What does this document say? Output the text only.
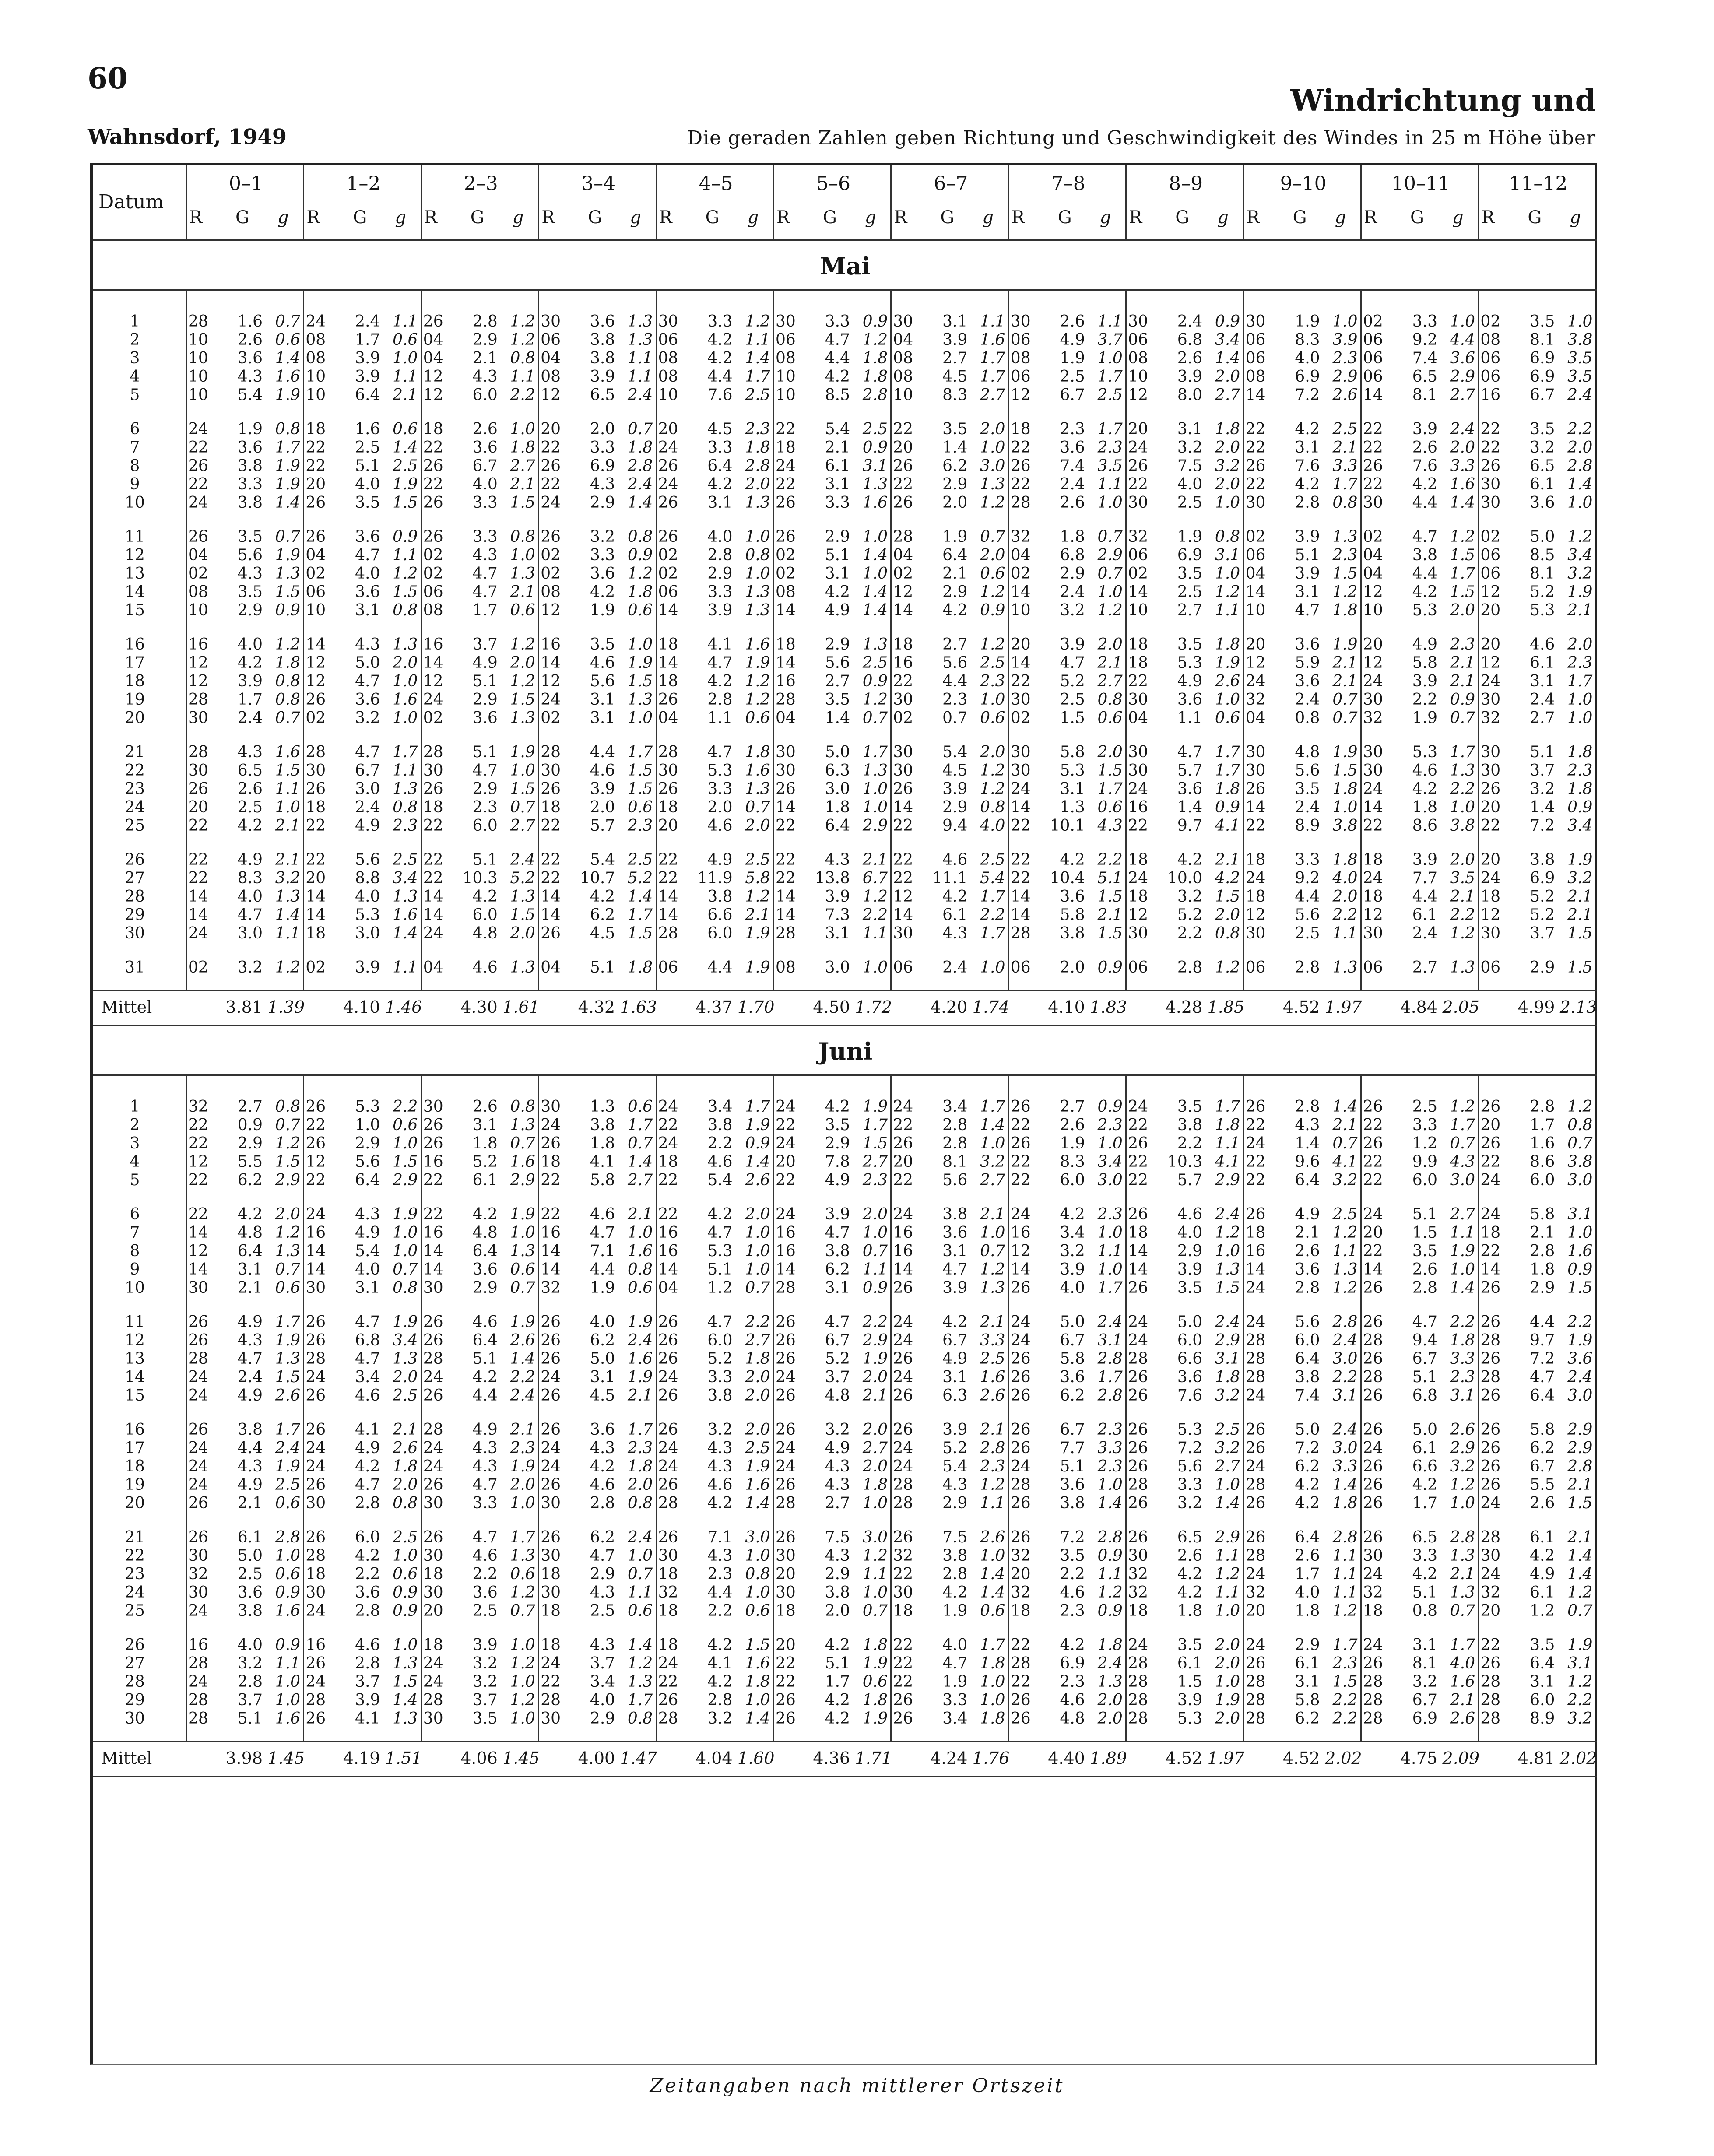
60
Windrichtung und
Wahnsdorf, 1949	Die geraden Zahlen geben Richtung und Geschwindigkeit des Windes in 25 m Höhe über
Datum
0–1
R G g
1–2
R G g
2–3
R G g
3–4
R G g
4–5
R G g
5–6
R G g
6–7
R G g
7–8
R G g
8–9
R G g
9–10
R G g
10–11
R G g
11–12
R G g
Mai
1	28	1.6 0.7 24	2.4 1.1 26	2.8 1.2 30	3.6 1.3 30	3.3 1.2 30	3.3 0.9 30	3.1 1.1 30	2.6 1.1 30	2.4 0.9 30	1.9 1.0 02	3.3 1.0 02	3.5 1.0
2	10	2.6 0.6 08	1.7 0.6 04	2.9 1.2 06	3.8 1.3 06	4.2 1.1 06	4.7 1.2 04	3.9 1.6 06	4.9 3.7 06	6.8 3.4 06	8.3 3.9 06	9.2 4.4 08	8.1 3.8
3	10	3.6 1.4 08	3.9 1.0 04	2.1 0.8 04	3.8 1.1 08	4.2 1.4 08	4.4 1.8 08	2.7 1.7 08	1.9 1.0 08	2.6 1.4 06	4.0 2.3 06	7.4 3.6 06	6.9 3.5
4	10	4.3 1.6 10	3.9 1.1 12	4.3 1.1 08	3.9 1.1 08	4.4 1.7 10	4.2 1.8 08	4.5 1.7 06	2.5 1.7 10	3.9 2.0 08	6.9 2.9 06	6.5 2.9 06	6.9 3.5
5	10	5.4 1.9 10	6.4 2.1 12	6.0 2.2 12	6.5 2.4 10	7.6 2.5 10	8.5 2.8 10	8.3 2.7 12	6.7 2.5 12	8.0 2.7 14	7.2 2.6 14	8.1 2.7 16	6.7 2.4
6	24	1.9 0.8 18	1.6 0.6 18	2.6 1.0 20	2.0 0.7 20	4.5 2.3 22	5.4 2.5 22	3.5 2.0 18	2.3 1.7 20	3.1 1.8 22	4.2 2.5 22	3.9 2.4 22	3.5 2.2
7	22	3.6 1.7 22	2.5 1.4 22	3.6 1.8 22	3.3 1.8 24	3.3 1.8 18	2.1 0.9 20	1.4 1.0 22	3.6 2.3 24	3.2 2.0 22	3.1 2.1 22	2.6 2.0 22	3.2 2.0
8	26	3.8 1.9 22	5.1 2.5 26	6.7 2.7 26	6.9 2.8 26	6.4 2.8 24	6.1 3.1 26	6.2 3.0 26	7.4 3.5 26	7.5 3.2 26	7.6 3.3 26	7.6 3.3 26	6.5 2.8
9	22	3.3 1.9 20	4.0 1.9 22	4.0 2.1 22	4.3 2.4 24	4.2 2.0 22	3.1 1.3 22	2.9 1.3 22	2.4 1.1 22	4.0 2.0 22	4.2 1.7 22	4.2 1.6 30	6.1 1.4
10	24	3.8 1.4 26	3.5 1.5 26	3.3 1.5 24	2.9 1.4 26	3.1 1.3 26	3.3 1.6 26	2.0 1.2 28	2.6 1.0 30	2.5 1.0 30	2.8 0.8 30	4.4 1.4 30	3.6 1.0
11	26	3.5 0.7 26	3.6 0.9 26	3.3 0.8 26	3.2 0.8 26	4.0 1.0 26	2.9 1.0 28	1.9 0.7 32	1.8 0.7 32	1.9 0.8 02	3.9 1.3 02	4.7 1.2 02	5.0 1.2
12	04	5.6 1.9 04	4.7 1.1 02	4.3 1.0 02	3.3 0.9 02	2.8 0.8 02	5.1 1.4 04	6.4 2.0 04	6.8 2.9 06	6.9 3.1 06	5.1 2.3 04	3.8 1.5 06	8.5 3.4
13	02	4.3 1.3 02	4.0 1.2 02	4.7 1.3 02	3.6 1.2 02	2.9 1.0 02	3.1 1.0 02	2.1 0.6 02	2.9 0.7 02	3.5 1.0 04	3.9 1.5 04	4.4 1.7 06	8.1 3.2
14	08	3.5 1.5 06	3.6 1.5 06	4.7 2.1 08	4.2 1.8 06	3.3 1.3 08	4.2 1.4 12	2.9 1.2 14	2.4 1.0 14	2.5 1.2 14	3.1 1.2 12	4.2 1.5 12	5.2 1.9
15	10	2.9 0.9 10	3.1 0.8 08	1.7 0.6 12	1.9 0.6 14	3.9 1.3 14	4.9 1.4 14	4.2 0.9 10	3.2 1.2 10	2.7 1.1 10	4.7 1.8 10	5.3 2.0 20	5.3 2.1
16	16	4.0 1.2 14	4.3 1.3 16	3.7 1.2 16	3.5 1.0 18	4.1 1.6 18	2.9 1.3 18	2.7 1.2 20	3.9 2.0 18	3.5 1.8 20	3.6 1.9 20	4.9 2.3 20	4.6 2.0
17	12	4.2 1.8 12	5.0 2.0 14	4.9 2.0 14	4.6 1.9 14	4.7 1.9 14	5.6 2.5 16	5.6 2.5 14	4.7 2.1 18	5.3 1.9 12	5.9 2.1 12	5.8 2.1 12	6.1 2.3
18	12	3.9 0.8 12	4.7 1.0 12	5.1 1.2 12	5.6 1.5 18	4.2 1.2 16	2.7 0.9 22	4.4 2.3 22	5.2 2.7 22	4.9 2.6 24	3.6 2.1 24	3.9 2.1 24	3.1 1.7
19	28	1.7 0.8 26	3.6 1.6 24	2.9 1.5 24	3.1 1.3 26	2.8 1.2 28	3.5 1.2 30	2.3 1.0 30	2.5 0.8 30	3.6 1.0 32	2.4 0.7 30	2.2 0.9 30	2.4 1.0
20	30	2.4 0.7 02	3.2 1.0 02	3.6 1.3 02	3.1 1.0 04	1.1 0.6 04	1.4 0.7 02	0.7 0.6 02	1.5 0.6 04	1.1 0.6 04	0.8 0.7 32	1.9 0.7 32	2.7 1.0
21	28	4.3 1.6 28	4.7 1.7 28	5.1 1.9 28	4.4 1.7 28	4.7 1.8 30	5.0 1.7 30	5.4 2.0 30	5.8 2.0 30	4.7 1.7 30	4.8 1.9 30	5.3 1.7 30	5.1 1.8
22	30	6.5 1.5 30	6.7 1.1 30	4.7 1.0 30	4.6 1.5 30	5.3 1.6 30	6.3 1.3 30	4.5 1.2 30	5.3 1.5 30	5.7 1.7 30	5.6 1.5 30	4.6 1.3 30	3.7 2.3
23	26	2.6 1.1 26	3.0 1.3 26	2.9 1.5 26	3.9 1.5 26	3.3 1.3 26	3.0 1.0 26	3.9 1.2 24	3.1 1.7 24	3.6 1.8 26	3.5 1.8 24	4.2 2.2 26	3.2 1.8
24	20	2.5 1.0 18	2.4 0.8 18	2.3 0.7 18	2.0 0.6 18	2.0 0.7 14	1.8 1.0 14	2.9 0.8 14	1.3 0.6 16	1.4 0.9 14	2.4 1.0 14	1.8 1.0 20	1.4 0.9
25	22	4.2 2.1 22	4.9 2.3 22	6.0 2.7 22	5.7 2.3 20	4.6 2.0 22	6.4 2.9 22	9.4 4.0 22	10.1 4.3 22	9.7 4.1 22	8.9 3.8 22	8.6 3.8 22	7.2 3.4
26	22	4.9 2.1 22	5.6 2.5 22	5.1 2.4 22	5.4 2.5 22	4.9 2.5 22	4.3 2.1 22	4.6 2.5 22	4.2 2.2 18	4.2 2.1 18	3.3 1.8 18	3.9 2.0 20	3.8 1.9
27	22	8.3 3.2 20	8.8 3.4 22	10.3 5.2 22	10.7 5.2 22	11.9 5.8 22	13.8 6.7 22	11.1 5.4 22	10.4 5.1 24	10.0 4.2 24	9.2 4.0 24	7.7 3.5 24	6.9 3.2
28	14	4.0 1.3 14	4.0 1.3 14	4.2 1.3 14	4.2 1.4 14	3.8 1.2 14	3.9 1.2 12	4.2 1.7 14	3.6 1.5 18	3.2 1.5 18	4.4 2.0 18	4.4 2.1 18	5.2 2.1
29	14	4.7 1.4 14	5.3 1.6 14	6.0 1.5 14	6.2 1.7 14	6.6 2.1 14	7.3 2.2 14	6.1 2.2 14	5.8 2.1 12	5.2 2.0 12	5.6 2.2 12	6.1 2.2 12	5.2 2.1
30	24	3.0 1.1 18	3.0 1.4 24	4.8 2.0 26	4.5 1.5 28	6.0 1.9 28	3.1 1.1 30	4.3 1.7 28	3.8 1.5 30	2.2 0.8 30	2.5 1.1 30	2.4 1.2 30	3.7 1.5
31	02	3.2 1.2 02	3.9 1.1 04	4.6 1.3 04	5.1 1.8 06	4.4 1.9 08	3.0 1.0 06	2.4 1.0 06	2.0 0.9 06	2.8 1.2 06	2.8 1.3 06	2.7 1.3 06	2.9 1.5
Mittel	3.81 1.39	4.10 1.46	4.30 1.61	4.32 1.63	4.37 1.70	4.50 1.72	4.20 1.74	4.10 1.83	4.28 1.85	4.52 1.97	4.84 2.05	4.99 2.13
Juni
1	32	2.7 0.8 26	5.3 2.2 30	2.6 0.8 30	1.3 0.6 24	3.4 1.7 24	4.2 1.9 24	3.4 1.7 26	2.7 0.9 24	3.5 1.7 26	2.8 1.4 26	2.5 1.2 26	2.8 1.2
2	22	0.9 0.7 22	1.0 0.6 26	3.1 1.3 24	3.8 1.7 22	3.8 1.9 22	3.5 1.7 22	2.8 1.4 22	2.6 2.3 22	3.8 1.8 22	4.3 2.1 22	3.3 1.7 20	1.7 0.8
3	22	2.9 1.2 26	2.9 1.0 26	1.8 0.7 26	1.8 0.7 24	2.2 0.9 24	2.9 1.5 26	2.8 1.0 26	1.9 1.0 26	2.2 1.1 24	1.4 0.7 26	1.2 0.7 26	1.6 0.7
4	12	5.5 1.5 12	5.6 1.5 16	5.2 1.6 18	4.1 1.4 18	4.6 1.4 20	7.8 2.7 20	8.1 3.2 22	8.3 3.4 22	10.3 4.1 22	9.6 4.1 22	9.9 4.3 22	8.6 3.8
5	22	6.2 2.9 22	6.4 2.9 22	6.1 2.9 22	5.8 2.7 22	5.4 2.6 22	4.9 2.3 22	5.6 2.7 22	6.0 3.0 22	5.7 2.9 22	6.4 3.2 22	6.0 3.0 24	6.0 3.0
6	22	4.2 2.0 24	4.3 1.9 22	4.2 1.9 22	4.6 2.1 22	4.2 2.0 24	3.9 2.0 24	3.8 2.1 24	4.2 2.3 26	4.6 2.4 26	4.9 2.5 24	5.1 2.7 24	5.8 3.1
7	14	4.8 1.2 16	4.9 1.0 16	4.8 1.0 16	4.7 1.0 16	4.7 1.0 16	4.7 1.0 16	3.6 1.0 16	3.4 1.0 18	4.0 1.2 18	2.1 1.2 20	1.5 1.1 18	2.1 1.0
8	12	6.4 1.3 14	5.4 1.0 14	6.4 1.3 14	7.1 1.6 16	5.3 1.0 16	3.8 0.7 16	3.1 0.7 12	3.2 1.1 14	2.9 1.0 16	2.6 1.1 22	3.5 1.9 22	2.8 1.6
9	14	3.1 0.7 14	4.0 0.7 14	3.6 0.6 14	4.4 0.8 14	5.1 1.0 14	6.2 1.1 14	4.7 1.2 14	3.9 1.0 14	3.9 1.3 14	3.6 1.3 14	2.6 1.0 14	1.8 0.9
10	30	2.1 0.6 30	3.1 0.8 30	2.9 0.7 32	1.9 0.6 04	1.2 0.7 28	3.1 0.9 26	3.9 1.3 26	4.0 1.7 26	3.5 1.5 24	2.8 1.2 26	2.8 1.4 26	2.9 1.5
11	26	4.9 1.7 26	4.7 1.9 26	4.6 1.9 26	4.0 1.9 26	4.7 2.2 26	4.7 2.2 24	4.2 2.1 24	5.0 2.4 24	5.0 2.4 24	5.6 2.8 26	4.7 2.2 26	4.4 2.2
12	26	4.3 1.9 26	6.8 3.4 26	6.4 2.6 26	6.2 2.4 26	6.0 2.7 26	6.7 2.9 24	6.7 3.3 24	6.7 3.1 24	6.0 2.9 28	6.0 2.4 28	9.4 1.8 28	9.7 1.9
13	28	4.7 1.3 28	4.7 1.3 28	5.1 1.4 26	5.0 1.6 26	5.2 1.8 26	5.2 1.9 26	4.9 2.5 26	5.8 2.8 28	6.6 3.1 28	6.4 3.0 26	6.7 3.3 26	7.2 3.6
14	24	2.4 1.5 24	3.4 2.0 24	4.2 2.2 24	3.1 1.9 24	3.3 2.0 24	3.7 2.0 24	3.1 1.6 26	3.6 1.7 26	3.6 1.8 28	3.8 2.2 28	5.1 2.3 28	4.7 2.4
15	24	4.9 2.6 26	4.6 2.5 26	4.4 2.4 26	4.5 2.1 26	3.8 2.0 26	4.8 2.1 26	6.3 2.6 26	6.2 2.8 26	7.6 3.2 24	7.4 3.1 26	6.8 3.1 26	6.4 3.0
16	26	3.8 1.7 26	4.1 2.1 28	4.9 2.1 26	3.6 1.7 26	3.2 2.0 26	3.2 2.0 26	3.9 2.1 26	6.7 2.3 26	5.3 2.5 26	5.0 2.4 26	5.0 2.6 26	5.8 2.9
17	24	4.4 2.4 24	4.9 2.6 24	4.3 2.3 24	4.3 2.3 24	4.3 2.5 24	4.9 2.7 24	5.2 2.8 26	7.7 3.3 26	7.2 3.2 26	7.2 3.0 24	6.1 2.9 26	6.2 2.9
18	24	4.3 1.9 24	4.2 1.8 24	4.3 1.9 24	4.2 1.8 24	4.3 1.9 24	4.3 2.0 24	5.4 2.3 24	5.1 2.3 26	5.6 2.7 24	6.2 3.3 26	6.6 3.2 26	6.7 2.8
19	24	4.9 2.5 26	4.7 2.0 26	4.7 2.0 26	4.6 2.0 26	4.6 1.6 26	4.3 1.8 28	4.3 1.2 28	3.6 1.0 28	3.3 1.0 28	4.2 1.4 26	4.2 1.2 26	5.5 2.1
20	26	2.1 0.6 30	2.8 0.8 30	3.3 1.0 30	2.8 0.8 28	4.2 1.4 28	2.7 1.0 28	2.9 1.1 26	3.8 1.4 26	3.2 1.4 26	4.2 1.8 26	1.7 1.0 24	2.6 1.5
21	26	6.1 2.8 26	6.0 2.5 26	4.7 1.7 26	6.2 2.4 26	7.1 3.0 26	7.5 3.0 26	7.5 2.6 26	7.2 2.8 26	6.5 2.9 26	6.4 2.8 26	6.5 2.8 28	6.1 2.1
22	30	5.0 1.0 28	4.2 1.0 30	4.6 1.3 30	4.7 1.0 30	4.3 1.0 30	4.3 1.2 32	3.8 1.0 32	3.5 0.9 30	2.6 1.1 28	2.6 1.1 30	3.3 1.3 30	4.2 1.4
23	32	2.5 0.6 18	2.2 0.6 18	2.2 0.6 18	2.9 0.7 18	2.3 0.8 20	2.9 1.1 22	2.8 1.4 20	2.2 1.1 32	4.2 1.2 24	1.7 1.1 24	4.2 2.1 24	4.9 1.4
24	30	3.6 0.9 30	3.6 0.9 30	3.6 1.2 30	4.3 1.1 32	4.4 1.0 30	3.8 1.0 30	4.2 1.4 32	4.6 1.2 32	4.2 1.1 32	4.0 1.1 32	5.1 1.3 32	6.1 1.2
25	24	3.8 1.6 24	2.8 0.9 20	2.5 0.7 18	2.5 0.6 18	2.2 0.6 18	2.0 0.7 18	1.9 0.6 18	2.3 0.9 18	1.8 1.0 20	1.8 1.2 18	0.8 0.7 20	1.2 0.7
26	16	4.0 0.9 16	4.6 1.0 18	3.9 1.0 18	4.3 1.4 18	4.2 1.5 20	4.2 1.8 22	4.0 1.7 22	4.2 1.8 24	3.5 2.0 24	2.9 1.7 24	3.1 1.7 22	3.5 1.9
27	28	3.2 1.1 26	2.8 1.3 24	3.2 1.2 24	3.7 1.2 24	4.1 1.6 22	5.1 1.9 22	4.7 1.8 28	6.9 2.4 28	6.1 2.0 26	6.1 2.3 26	8.1 4.0 26	6.4 3.1
28	24	2.8 1.0 24	3.7 1.5 24	3.2 1.0 22	3.4 1.3 22	4.2 1.8 22	1.7 0.6 22	1.9 1.0 22	2.3 1.3 28	1.5 1.0 28	3.1 1.5 28	3.2 1.6 28	3.1 1.2
29	28	3.7 1.0 28	3.9 1.4 28	3.7 1.2 28	4.0 1.7 26	2.8 1.0 26	4.2 1.8 26	3.3 1.0 26	4.6 2.0 28	3.9 1.9 28	5.8 2.2 28	6.7 2.1 28	6.0 2.2
30	28	5.1 1.6 26	4.1 1.3 30	3.5 1.0 30	2.9 0.8 28	3.2 1.4 26	4.2 1.9 26	3.4 1.8 26	4.8 2.0 28	5.3 2.0 28	6.2 2.2 28	6.9 2.6 28	8.9 3.2
Mittel	3.98 1.45	4.19 1.51	4.06 1.45	4.00 1.47	4.04 1.60	4.36 1.71	4.24 1.76	4.40 1.89	4.52 1.97	4.52 2.02	4.75 2.09	4.81 2.02
Zeitangaben nach mittlerer Ortszeit
